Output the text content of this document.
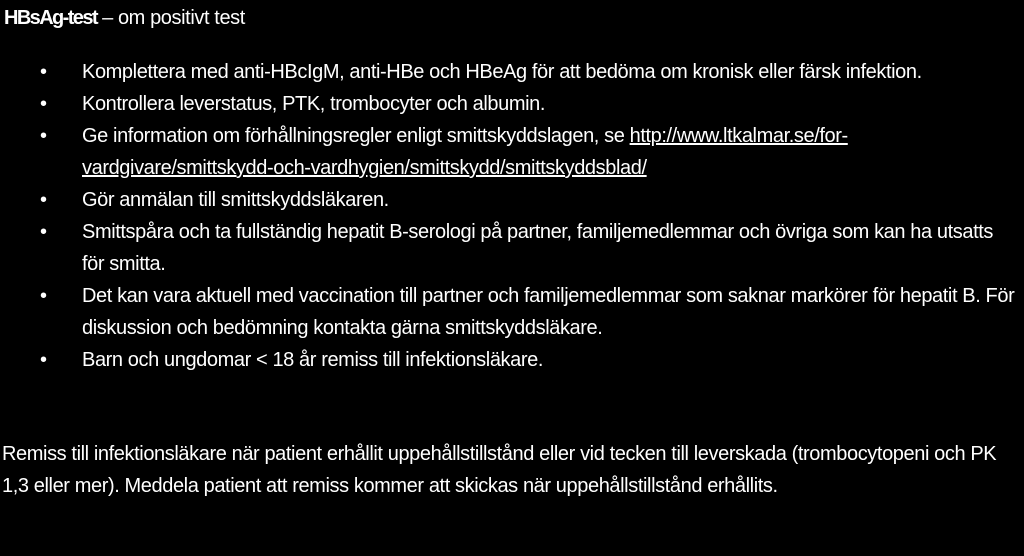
HBsAg-test – om positivt test
• Komplettera med anti-HBcIgM, anti-HBe och HBeAg för att bedöma om kronisk eller färsk infektion.
• Kontrollera leverstatus, PTK, trombocyter och albumin.
• Ge information om förhållningsregler enligt smittskyddslagen, se http://www.ltkalmar.se/for-vardgivare/smittskydd-och-vardhygien/smittskydd/smittskyddsblad/
• Gör anmälan till smittskyddsläkaren.
• Smittspåra och ta fullständig hepatit B-serologi på partner, familjemedlemmar och övriga som kan ha utsatts för smitta.
• Det kan vara aktuell med vaccination till partner och familjemedlemmar som saknar markörer för hepatit B. För diskussion och bedömning kontakta gärna smittskyddsläkare.
• Barn och ungdomar < 18 år remiss till infektionsläkare.

Remiss till infektionsläkare när patient erhållit uppehållstillstånd eller vid tecken till leverskada (trombocytopeni och PK 1,3 eller mer). Meddela patient att remiss kommer att skickas när uppehållstillstånd erhållits.
